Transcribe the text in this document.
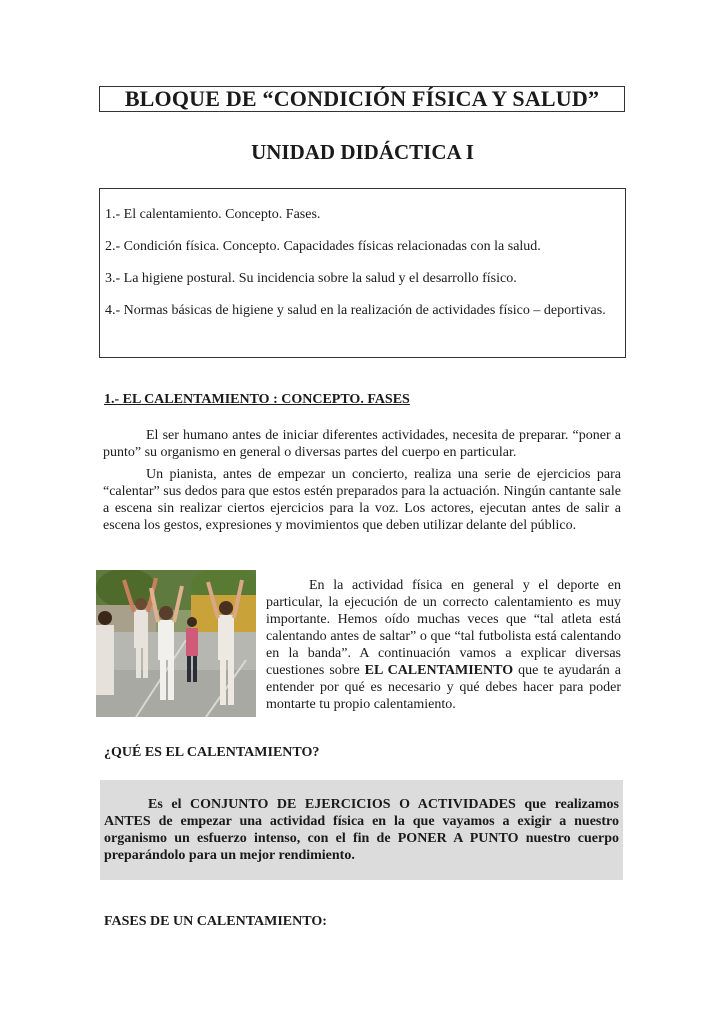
BLOQUE DE “CONDICIÓN FÍSICA Y SALUD”
UNIDAD DIDÁCTICA I

1.- El calentamiento. Concepto. Fases.

2.- Condición física. Concepto. Capacidades físicas relacionadas con la salud.

3.- La higiene postural. Su incidencia sobre la salud y el desarrollo físico.

4.- Normas básicas de higiene y salud en la realización de actividades físico – deportivas.

1.- EL CALENTAMIENTO : CONCEPTO. FASES

El ser humano antes de iniciar diferentes actividades, necesita de preparar. “poner a punto” su organismo en general o diversas partes del cuerpo en particular.

Un pianista, antes de empezar un concierto, realiza una serie de ejercicios para “calentar” sus dedos para que estos estén preparados para la actuación. Ningún cantante sale a escena sin realizar ciertos ejercicios para la voz. Los actores, ejecutan antes de salir a escena los gestos, expresiones y movimientos que deben utilizar delante del público.

En la actividad física en general y el deporte en particular, la ejecución de un correcto calentamiento es muy importante. Hemos oído muchas veces que “tal atleta está calentando antes de saltar” o que “tal futbolista está calentando en la banda”. A continuación vamos a explicar diversas cuestiones sobre EL CALENTAMIENTO que te ayudarán a entender por qué es necesario y qué debes hacer para poder montarte tu propio calentamiento.

¿QUÉ ES EL CALENTAMIENTO?

Es el CONJUNTO DE EJERCICIOS O ACTIVIDADES que realizamos ANTES de empezar una actividad física en la que vayamos a exigir a nuestro organismo un esfuerzo intenso, con el fin de PONER A PUNTO nuestro cuerpo preparándolo para un mejor rendimiento.

FASES DE UN CALENTAMIENTO:
